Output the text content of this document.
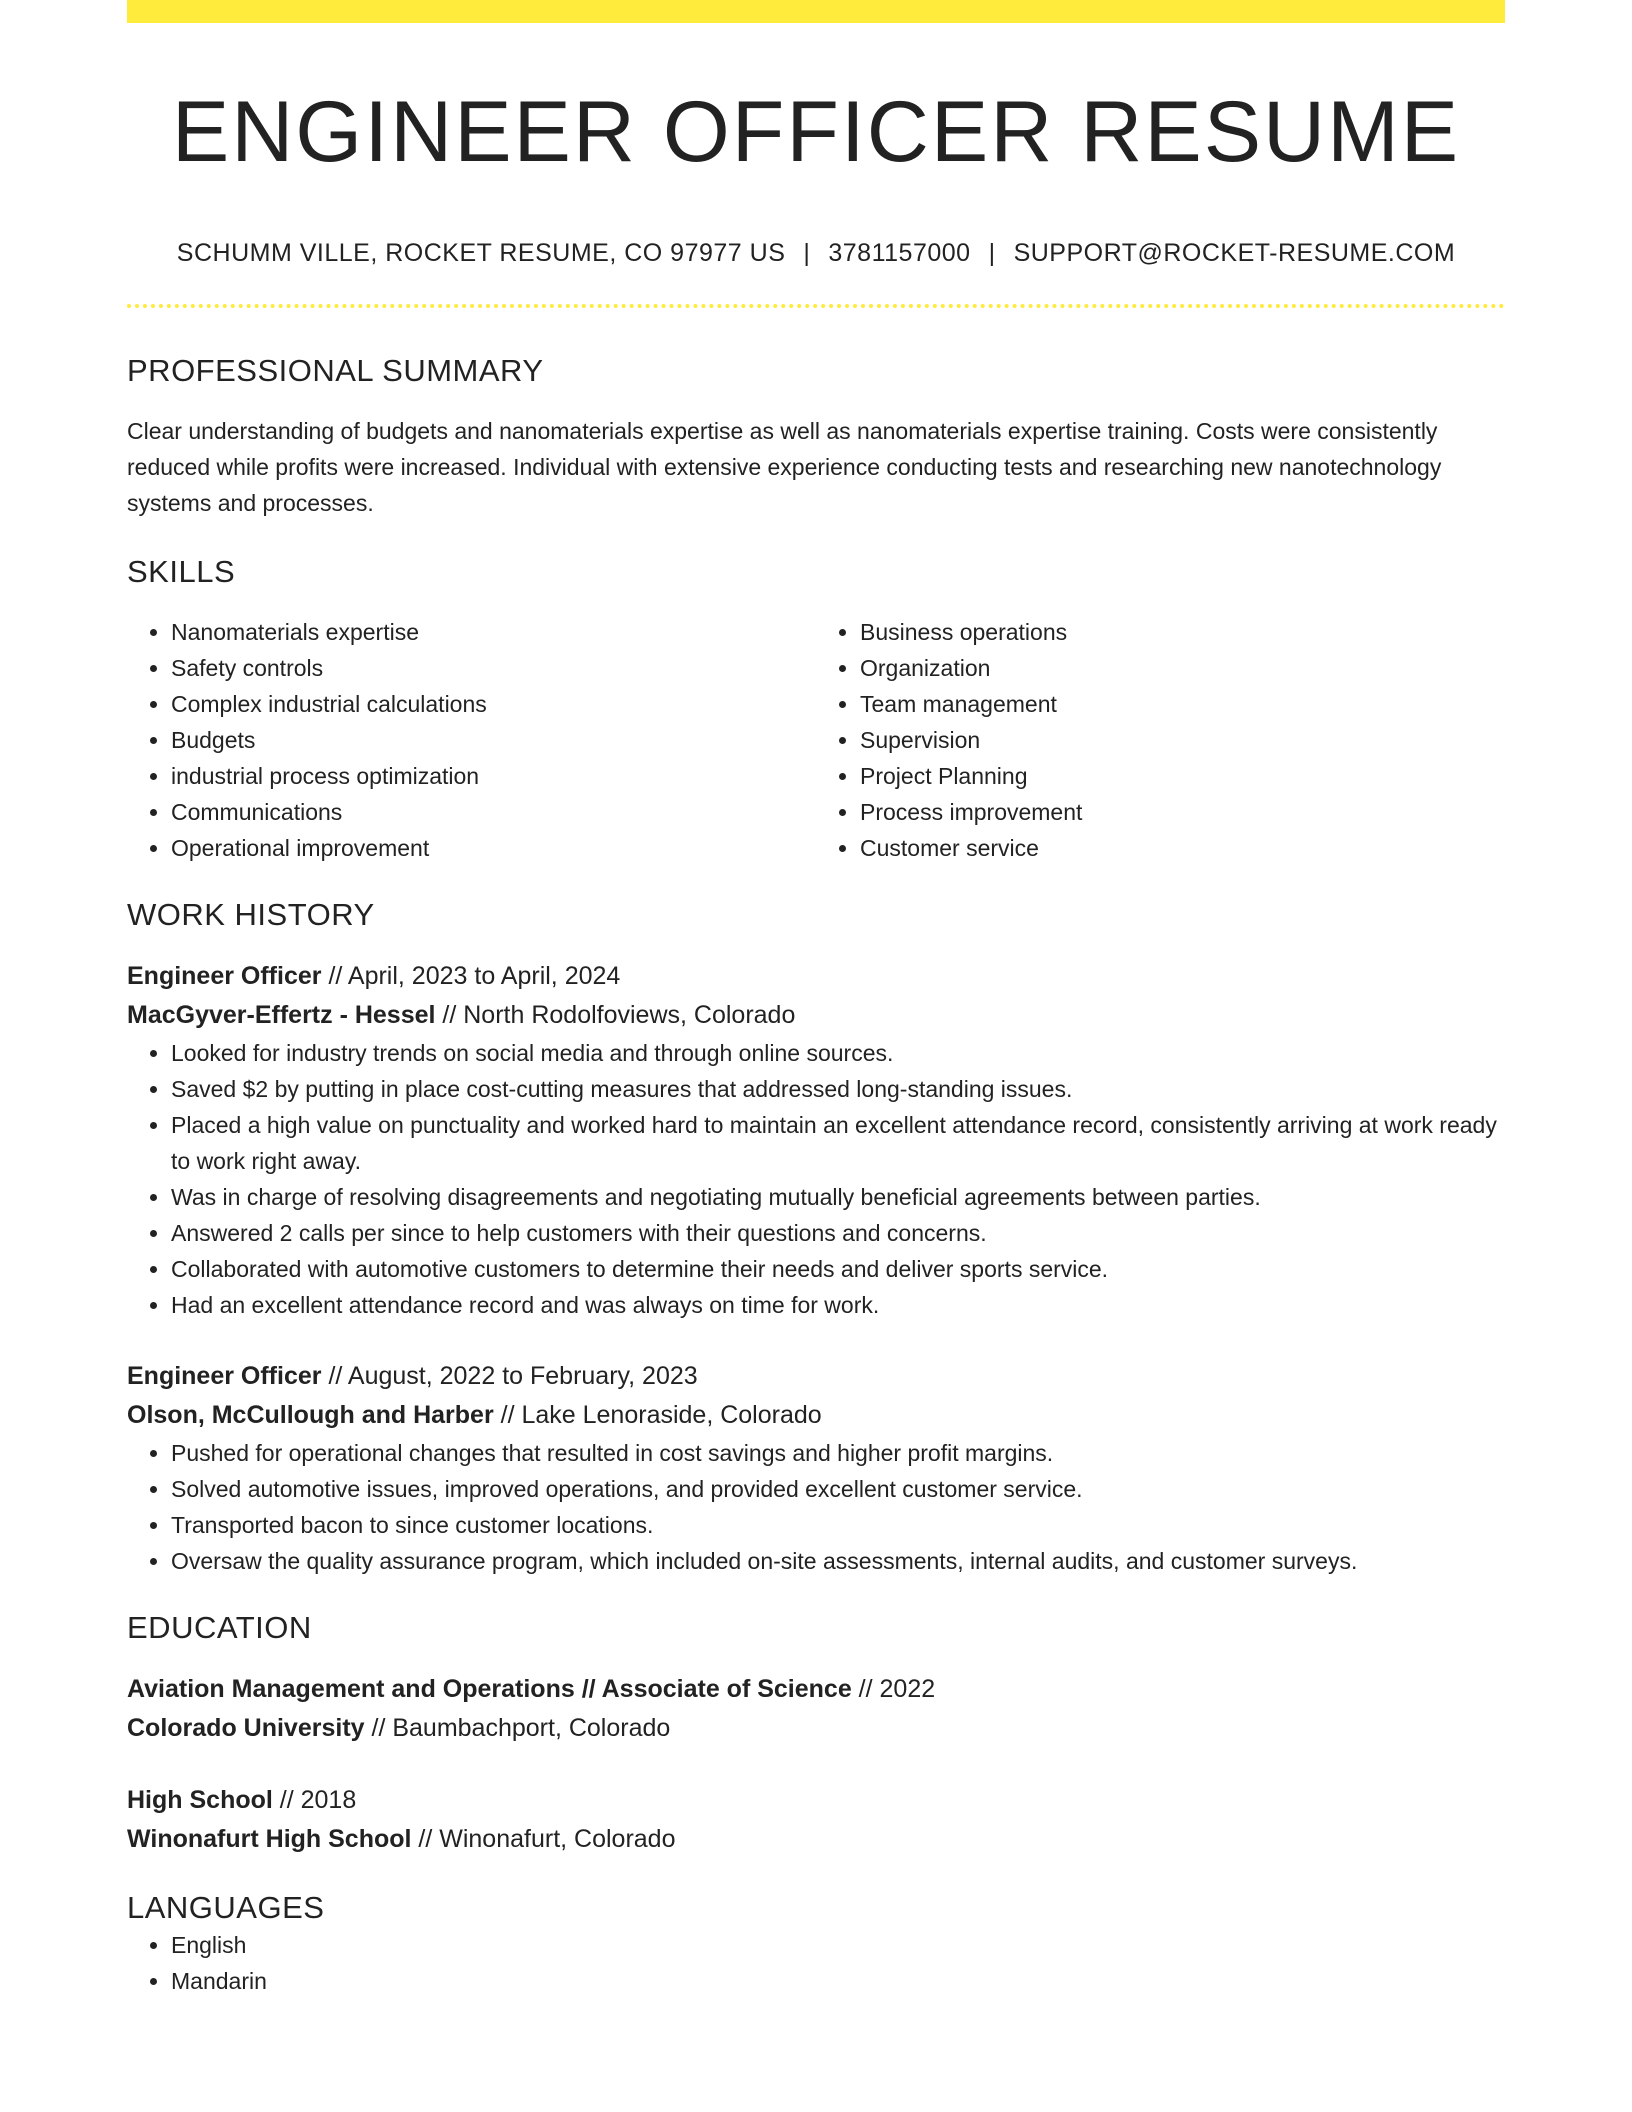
ENGINEER OFFICER RESUME
SCHUMM VILLE, ROCKET RESUME, CO 97977 US | 3781157000 | SUPPORT@ROCKET-RESUME.COM
PROFESSIONAL SUMMARY

Clear understanding of budgets and nanomaterials expertise as well as nanomaterials expertise training. Costs were consistently reduced while profits were increased. Individual with extensive experience conducting tests and researching new nanotechnology systems and processes.

SKILLS
• Nanomaterials expertise
• Safety controls
• Complex industrial calculations
• Budgets
• industrial process optimization
• Communications
• Operational improvement
• Business operations
• Organization
• Team management
• Supervision
• Project Planning
• Process improvement
• Customer service
WORK HISTORY
Engineer Officer // April, 2023 to April, 2024
MacGyver-Effertz - Hessel // North Rodolfoviews, Colorado
• Looked for industry trends on social media and through online sources.
• Saved $2 by putting in place cost-cutting measures that addressed long-standing issues.
• Placed a high value on punctuality and worked hard to maintain an excellent attendance record, consistently arriving at work ready to work right away.
• Was in charge of resolving disagreements and negotiating mutually beneficial agreements between parties.
• Answered 2 calls per since to help customers with their questions and concerns.
• Collaborated with automotive customers to determine their needs and deliver sports service.
• Had an excellent attendance record and was always on time for work.
Engineer Officer // August, 2022 to February, 2023
Olson, McCullough and Harber // Lake Lenoraside, Colorado
• Pushed for operational changes that resulted in cost savings and higher profit margins.
• Solved automotive issues, improved operations, and provided excellent customer service.
• Transported bacon to since customer locations.
• Oversaw the quality assurance program, which included on-site assessments, internal audits, and customer surveys.
EDUCATION
Aviation Management and Operations // Associate of Science // 2022
Colorado University // Baumbachport, Colorado
High School // 2018
Winonafurt High School // Winonafurt, Colorado
LANGUAGES
• English
• Mandarin
